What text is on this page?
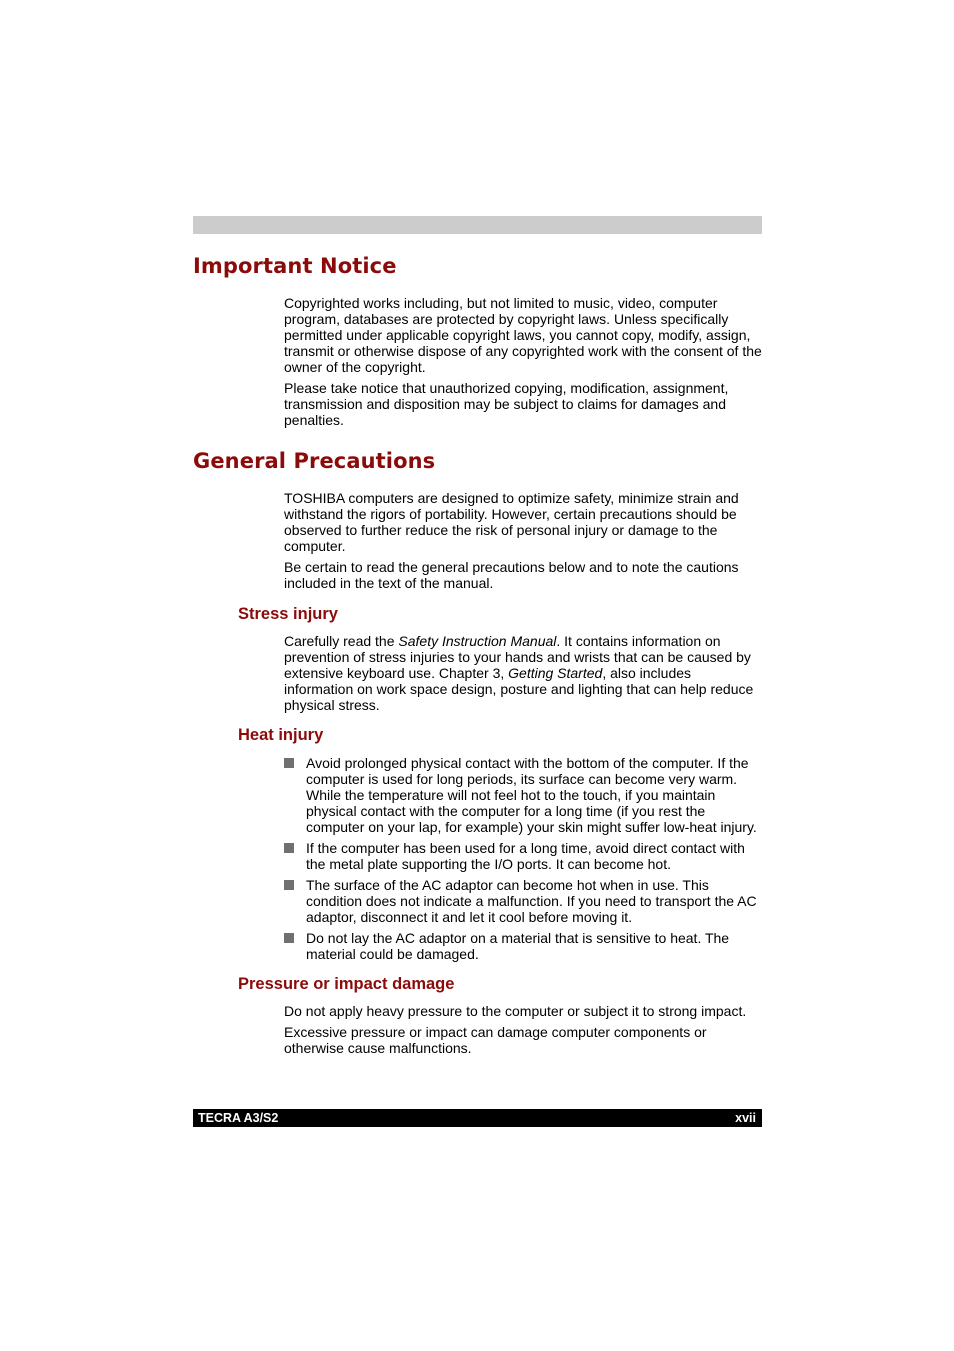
Important Notice

Copyrighted works including, but not limited to music, video, computer program, databases are protected by copyright laws. Unless specifically permitted under applicable copyright laws, you cannot copy, modify, assign, transmit or otherwise dispose of any copyrighted work with the consent of the owner of the copyright.

Please take notice that unauthorized copying, modification, assignment, transmission and disposition may be subject to claims for damages and penalties.

General Precautions

TOSHIBA computers are designed to optimize safety, minimize strain and withstand the rigors of portability. However, certain precautions should be observed to further reduce the risk of personal injury or damage to the computer.

Be certain to read the general precautions below and to note the cautions included in the text of the manual.

Stress injury

Carefully read the Safety Instruction Manual. It contains information on prevention of stress injuries to your hands and wrists that can be caused by extensive keyboard use. Chapter 3, Getting Started, also includes information on work space design, posture and lighting that can help reduce physical stress.

Heat injury
Avoid prolonged physical contact with the bottom of the computer. If the computer is used for long periods, its surface can become very warm. While the temperature will not feel hot to the touch, if you maintain physical contact with the computer for a long time (if you rest the computer on your lap, for example) your skin might suffer low-heat injury.
If the computer has been used for a long time, avoid direct contact with the metal plate supporting the I/O ports. It can become hot.
The surface of the AC adaptor can become hot when in use. This condition does not indicate a malfunction. If you need to transport the AC adaptor, disconnect it and let it cool before moving it.
Do not lay the AC adaptor on a material that is sensitive to heat. The material could be damaged.
Pressure or impact damage

Do not apply heavy pressure to the computer or subject it to strong impact.

Excessive pressure or impact can damage computer components or otherwise cause malfunctions.

TECRA A3/S2	xvii
